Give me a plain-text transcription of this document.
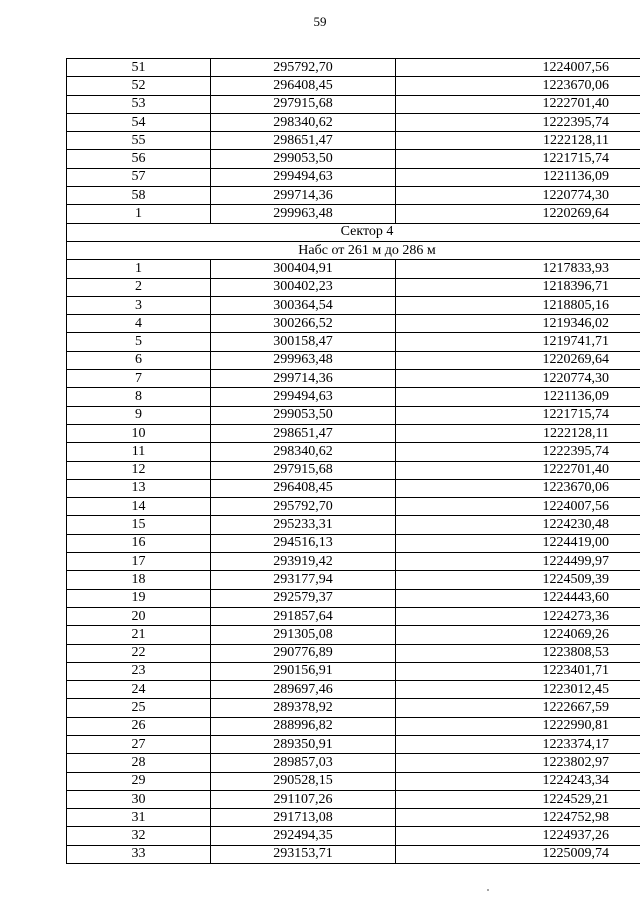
59
51	295792,70	1224007,56
52	296408,45	1223670,06
53	297915,68	1222701,40
54	298340,62	1222395,74
55	298651,47	1222128,11
56	299053,50	1221715,74
57	299494,63	1221136,09
58	299714,36	1220774,30
1	299963,48	1220269,64
Сектор 4		
Набс от 261 м до 286 м		
1	300404,91	1217833,93
2	300402,23	1218396,71
3	300364,54	1218805,16
4	300266,52	1219346,02
5	300158,47	1219741,71
6	299963,48	1220269,64
7	299714,36	1220774,30
8	299494,63	1221136,09
9	299053,50	1221715,74
10	298651,47	1222128,11
11	298340,62	1222395,74
12	297915,68	1222701,40
13	296408,45	1223670,06
14	295792,70	1224007,56
15	295233,31	1224230,48
16	294516,13	1224419,00
17	293919,42	1224499,97
18	293177,94	1224509,39
19	292579,37	1224443,60
20	291857,64	1224273,36
21	291305,08	1224069,26
22	290776,89	1223808,53
23	290156,91	1223401,71
24	289697,46	1223012,45
25	289378,92	1222667,59
26	288996,82	1222990,81
27	289350,91	1223374,17
28	289857,03	1223802,97
29	290528,15	1224243,34
30	291107,26	1224529,21
31	291713,08	1224752,98
32	292494,35	1224937,26
33	293153,71	1225009,74
